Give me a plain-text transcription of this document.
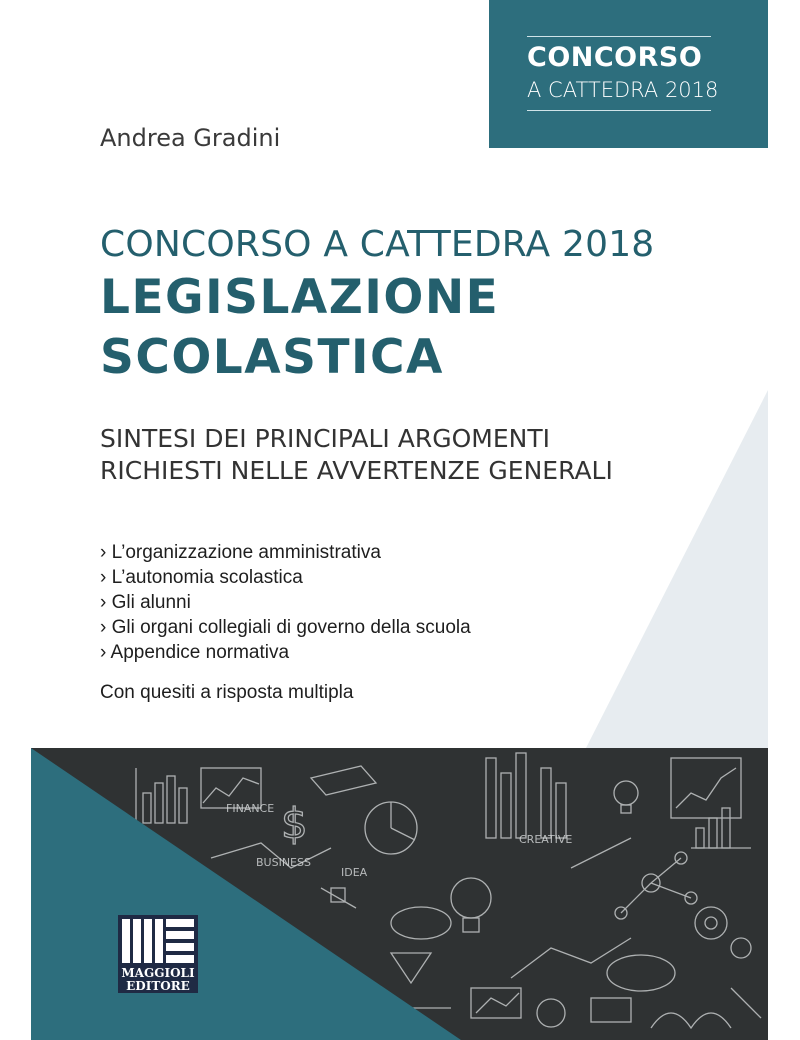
CONCORSO
A CATTEDRA 2018
Andrea Gradini
CONCORSO A CATTEDRA 2018
LEGISLAZIONE
SCOLASTICA
SINTESI DEI PRINCIPALI ARGOMENTI
RICHIESTI NELLE AVVERTENZE GENERALI
› L’organizzazione amministrativa
› L’autonomia scolastica
› Gli alunni
› Gli organi collegiali di governo della scuola
› Appendice normativa
Con quesiti a risposta multipla
$
BUSINESS
IDEA
CREATIVE
FINANCE
MAGGIOLI
EDITORE
